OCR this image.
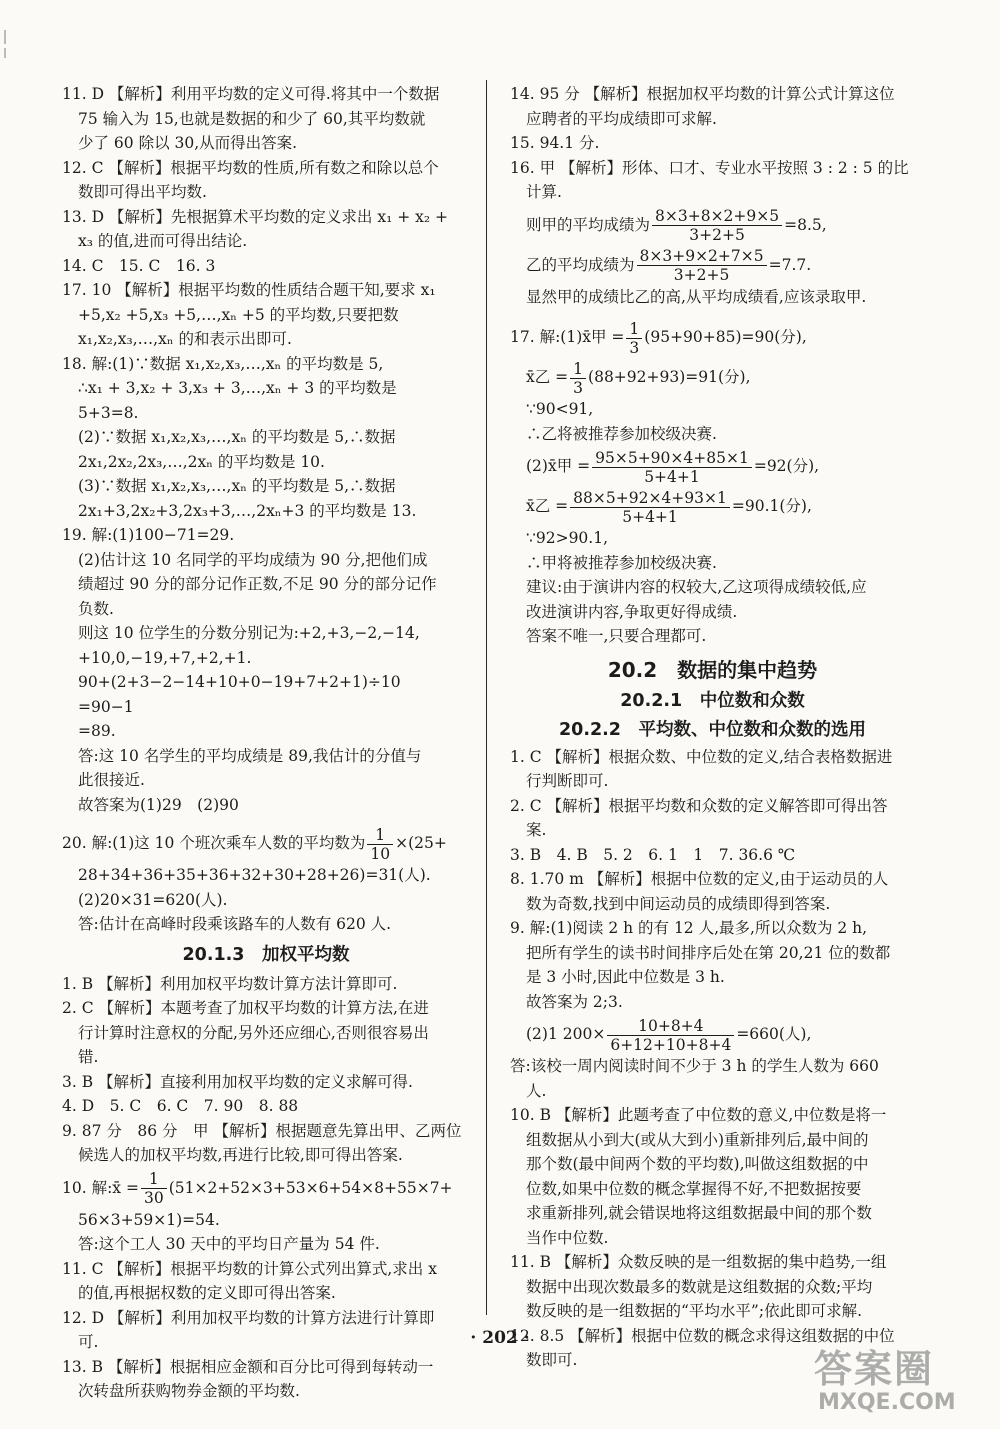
11. D 【解析】利用平均数的定义可得.将其中一个数据
75 输入为 15,也就是数据的和少了 60,其平均数就
少了 60 除以 30,从而得出答案.
12. C 【解析】根据平均数的性质,所有数之和除以总个
数即可得出平均数.
13. D 【解析】先根据算术平均数的定义求出 x₁ + x₂ +
x₃ 的值,进而可得出结论.
14. C　15. C　16. 3
17. 10 【解析】根据平均数的性质结合题干知,要求 x₁
+5,x₂ +5,x₃ +5,…,xₙ +5 的平均数,只要把数
x₁,x₂,x₃,…,xₙ 的和表示出即可.
18. 解:(1)∵数据 x₁,x₂,x₃,…,xₙ 的平均数是 5,
∴x₁ + 3,x₂ + 3,x₃ + 3,…,xₙ + 3 的平均数是
5+3=8.
(2)∵数据 x₁,x₂,x₃,…,xₙ 的平均数是 5,∴数据
2x₁,2x₂,2x₃,…,2xₙ 的平均数是 10.
(3)∵数据 x₁,x₂,x₃,…,xₙ 的平均数是 5,∴数据
2x₁+3,2x₂+3,2x₃+3,…,2xₙ+3 的平均数是 13.
19. 解:(1)100−71=29.
(2)估计这 10 名同学的平均成绩为 90 分,把他们成
绩超过 90 分的部分记作正数,不足 90 分的部分记作
负数.
则这 10 位学生的分数分别记为:+2,+3,−2,−14,
+10,0,−19,+7,+2,+1.
90+(2+3−2−14+10+0−19+7+2+1)÷10
=90−1
=89.
答:这 10 名学生的平均成绩是 89,我估计的分值与
此很接近.
故答案为(1)29　(2)90
20. 解:(1)这 10 个班次乘车人数的平均数为 $\frac{1}{10} \times(25+$
28+34+36+35+36+32+30+28+26)=31(人).
(2)20×31=620(人).
答:估计在高峰时段乘该路车的人数有 620 人.
20.1.3　加权平均数
1. B 【解析】利用加权平均数计算方法计算即可.
2. C 【解析】本题考查了加权平均数的计算方法,在进
行计算时注意权的分配,另外还应细心,否则很容易出
错.
3. B 【解析】直接利用加权平均数的定义求解可得.
4. D　5. C　6. C　7. 90　8. 88
9. 87 分　86 分　甲 【解析】根据题意先算出甲、乙两位
候选人的加权平均数,再进行比较,即可得出答案.
10. 解:x̄ = $\frac{1}{30} (51\times 2+52\times 3+53\times 6+54\times 8+55\times 7+$
56×3+59×1)=54.
答:这个工人 30 天中的平均日产量为 54 件.
11. C 【解析】根据平均数的计算公式列出算式,求出 x
的值,再根据权数的定义即可得出答案.
12. D 【解析】利用加权平均数的计算方法进行计算即
可.
13. B 【解析】根据相应金额和百分比可得到每转动一
次转盘所获购物券金额的平均数.
14. 95 分 【解析】根据加权平均数的计算公式计算这位
应聘者的平均成绩即可求解.
15. 94.1 分.
16. 甲 【解析】形体、口才、专业水平按照 3 : 2 : 5 的比
计算.
则甲的平均成绩为 $\frac{8\times 3+8\times 2+9\times 5}{3+2+5} =8.5$,
乙的平均成绩为 $\frac{8\times 3+9\times 2+7\times 5}{3+2+5} =7.7$.
显然甲的成绩比乙的高,从平均成绩看,应该录取甲.
17. 解:(1)x̄甲 = $\frac{1}{3} (95+90+85)=90$(分),
x̄乙 = $\frac{1}{3} (88+92+93)=91$(分),
∵90<91,
∴乙将被推荐参加校级决赛.
(2)x̄甲 = $\frac{95\times 5+90\times 4+85\times 1}{5+4+1} =92$(分),
x̄乙 = $\frac{88\times 5+92\times 4+93\times 1}{5+4+1} =90.1$(分),
∵92>90.1,
∴甲将被推荐参加校级决赛.
建议:由于演讲内容的权较大,乙这项得成绩较低,应
改进演讲内容,争取更好得成绩.
答案不唯一,只要合理都可.
20.2　数据的集中趋势
20.2.1　中位数和众数
20.2.2　平均数、中位数和众数的选用
1. C 【解析】根据众数、中位数的定义,结合表格数据进
行判断即可.
2. C 【解析】根据平均数和众数的定义解答即可得出答
案.
3. B　4. B　5. 2　6. 1　1　7. 36.6 ℃
8. 1.70 m 【解析】根据中位数的定义,由于运动员的人
数为奇数,找到中间运动员的成绩即得到答案.
9. 解:(1)阅读 2 h 的有 12 人,最多,所以众数为 2 h,
把所有学生的读书时间排序后处在第 20,21 位的数都
是 3 小时,因此中位数是 3 h.
故答案为 2;3.
(2)1 $200\times \frac{10+8+4}{6+12+10+8+4} =660$(人),
答:该校一周内阅读时间不少于 3 h 的学生人数为 660
人.
10. B 【解析】此题考查了中位数的意义,中位数是将一
组数据从小到大(或从大到小)重新排列后,最中间的
那个数(最中间两个数的平均数),叫做这组数据的中
位数,如果中位数的概念掌握得不好,不把数据按要
求重新排列,就会错误地将这组数据最中间的那个数
当作中位数.
11. B 【解析】众数反映的是一组数据的集中趋势,一组
数据中出现次数最多的数就是这组数据的众数;平均
数反映的是一组数据的“平均水平”;依此即可求解.
12. 8.5 【解析】根据中位数的概念求得这组数据的中位
数即可.
· 202 ·
答案圈
MXQE.COM
